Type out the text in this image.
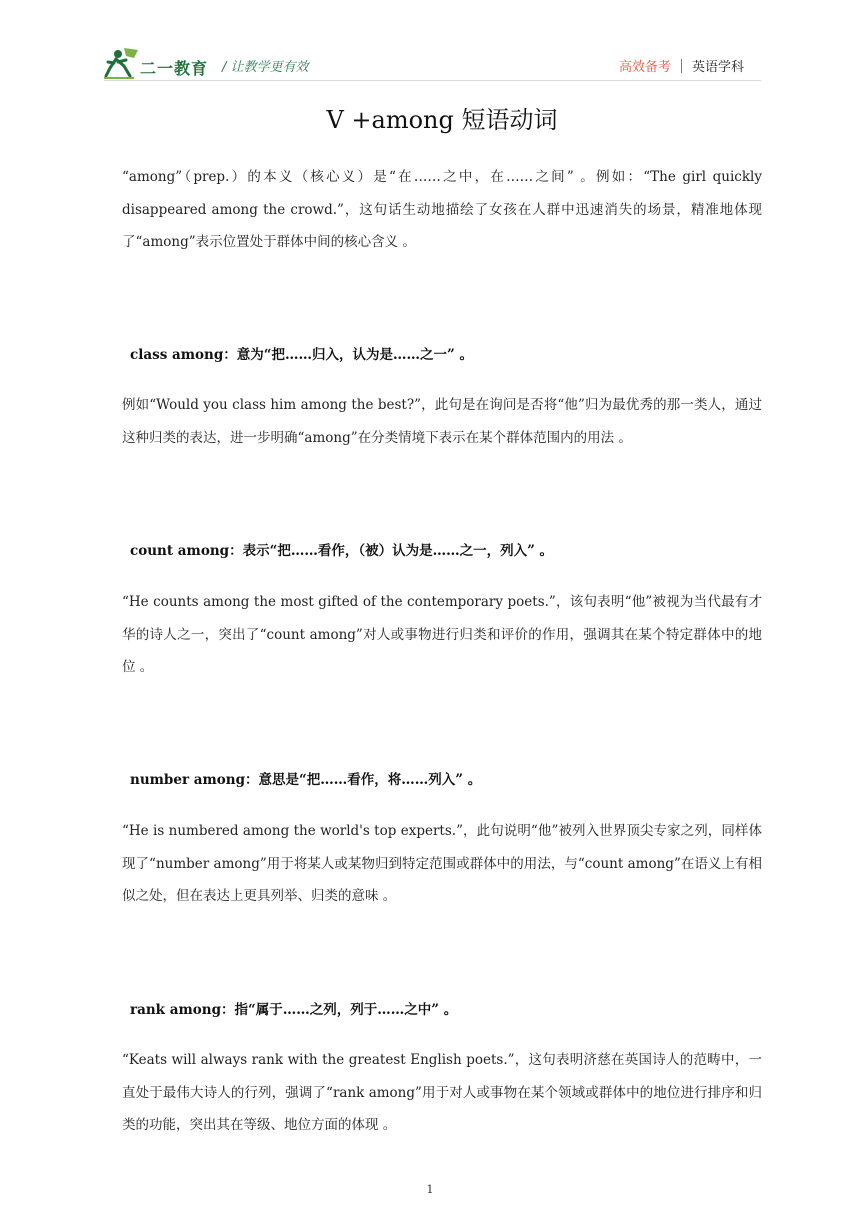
二一教育 / 让教学更有效	高效备考 英语学科
V +among 短语动词
“among”（prep.）的本义（核心义）是“在……之中，在……之间” 。例如：“The girl quickly disappeared among the crowd.”，这句话生动地描绘了女孩在人群中迅速消失的场景，精准地体现了“among”表示位置处于群体中间的核心含义 。
class among：意为“把……归入，认为是……之一” 。
例如“Would you class him among the best?”，此句是在询问是否将“他”归为最优秀的那一类人，通过这种归类的表达，进一步明确“among”在分类情境下表示在某个群体范围内的用法 。
count among：表示“把……看作，（被）认为是……之一，列入” 。
“He counts among the most gifted of the contemporary poets.”，该句表明“他”被视为当代最有才华的诗人之一，突出了“count among”对人或事物进行归类和评价的作用，强调其在某个特定群体中的地位 。
number among：意思是“把……看作，将……列入” 。
“He is numbered among the world's top experts.”，此句说明“他”被列入世界顶尖专家之列，同样体现了“number among”用于将某人或某物归到特定范围或群体中的用法，与“count among”在语义上有相似之处，但在表达上更具列举、归类的意味 。
rank among：指“属于……之列，列于……之中” 。
“Keats will always rank with the greatest English poets.”，这句表明济慈在英国诗人的范畴中，一直处于最伟大诗人的行列，强调了“rank among”用于对人或事物在某个领域或群体中的地位进行排序和归类的功能，突出其在等级、地位方面的体现 。
1
